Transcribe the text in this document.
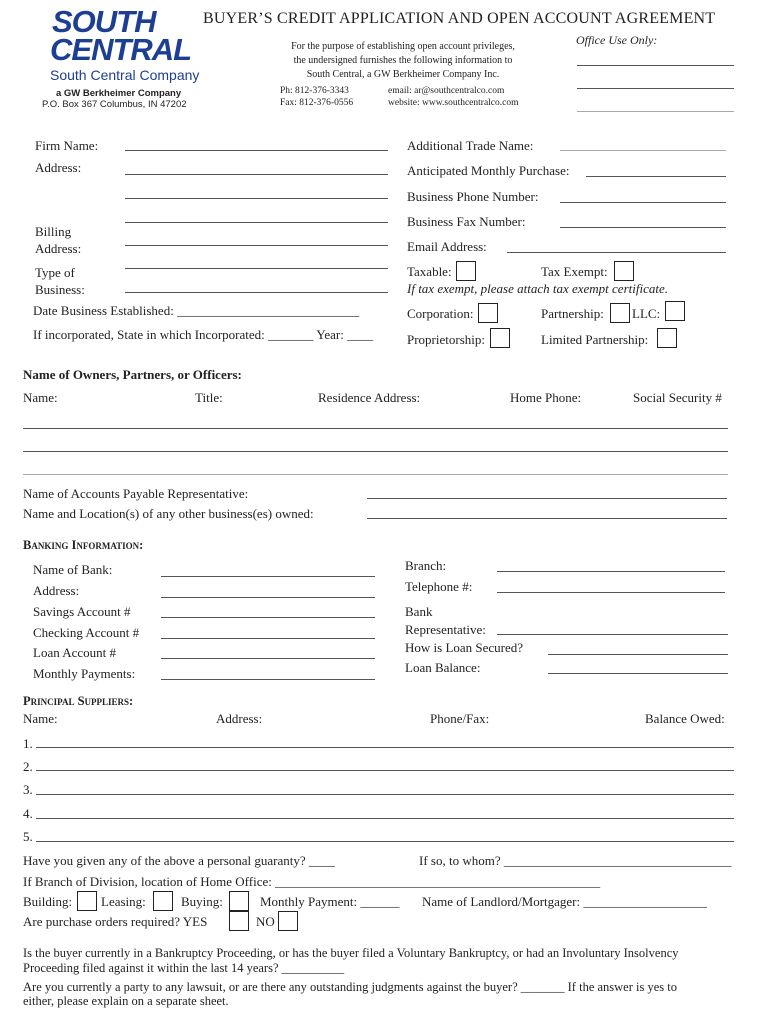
SOUTH
CENTRAL
South Central Company
a GW Berkheimer Company
P.O. Box 367 Columbus, IN 47202
BUYER’S CREDIT APPLICATION AND OPEN ACCOUNT AGREEMENT
For the purpose of establishing open account privileges,
the undersigned furnishes the following information to
South Central, a GW Berkheimer Company Inc.
Ph: 812-376-3343
Fax: 812-376-0556
email: ar@southcentralco.com
website: www.southcentralco.com
Office Use Only:
Firm Name:
Address:
Billing
Address:
Type of
Business:
Date Business Established: ____________________________
If incorporated, State in which Incorporated: _______ Year: ____
Additional Trade Name:
Anticipated Monthly Purchase:
Business Phone Number:
Business Fax Number:
Email Address:
Taxable:	Tax Exempt:
If tax exempt, please attach tax exempt certificate.
Corporation:	Partnership: LLC:
Proprietorship:	Limited Partnership:
Name of Owners, Partners, or Officers:
Name:	Title:	Residence Address:	Home Phone:	Social Security #
Name of Accounts Payable Representative:
Name and Location(s) of any other business(es) owned:
Banking Information:
Name of Bank:
Address:
Savings Account #
Checking Account #
Loan Account #
Monthly Payments:
Branch:
Telephone #:
Bank
Representative:
How is Loan Secured?
Loan Balance:
Principal Suppliers:
Name:	Address:	Phone/Fax:	Balance Owed:
1.
2.
3.
4.
5.
Have you given any of the above a personal guaranty? ____	If so, to whom? ___________________________________
If Branch of Division, location of Home Office: __________________________________________________
Building: Leasing:	Buying:	Monthly Payment: ______ Name of Landlord/Mortgager: ___________________
Are purchase orders required? YES	NO
Is the buyer currently in a Bankruptcy Proceeding, or has the buyer filed a Voluntary Bankruptcy, or had an Involuntary Insolvency
Proceeding filed against it within the last 14 years? __________
Are you currently a party to any lawsuit, or are there any outstanding judgments against the buyer? _______ If the answer is yes to
either, please explain on a separate sheet.
